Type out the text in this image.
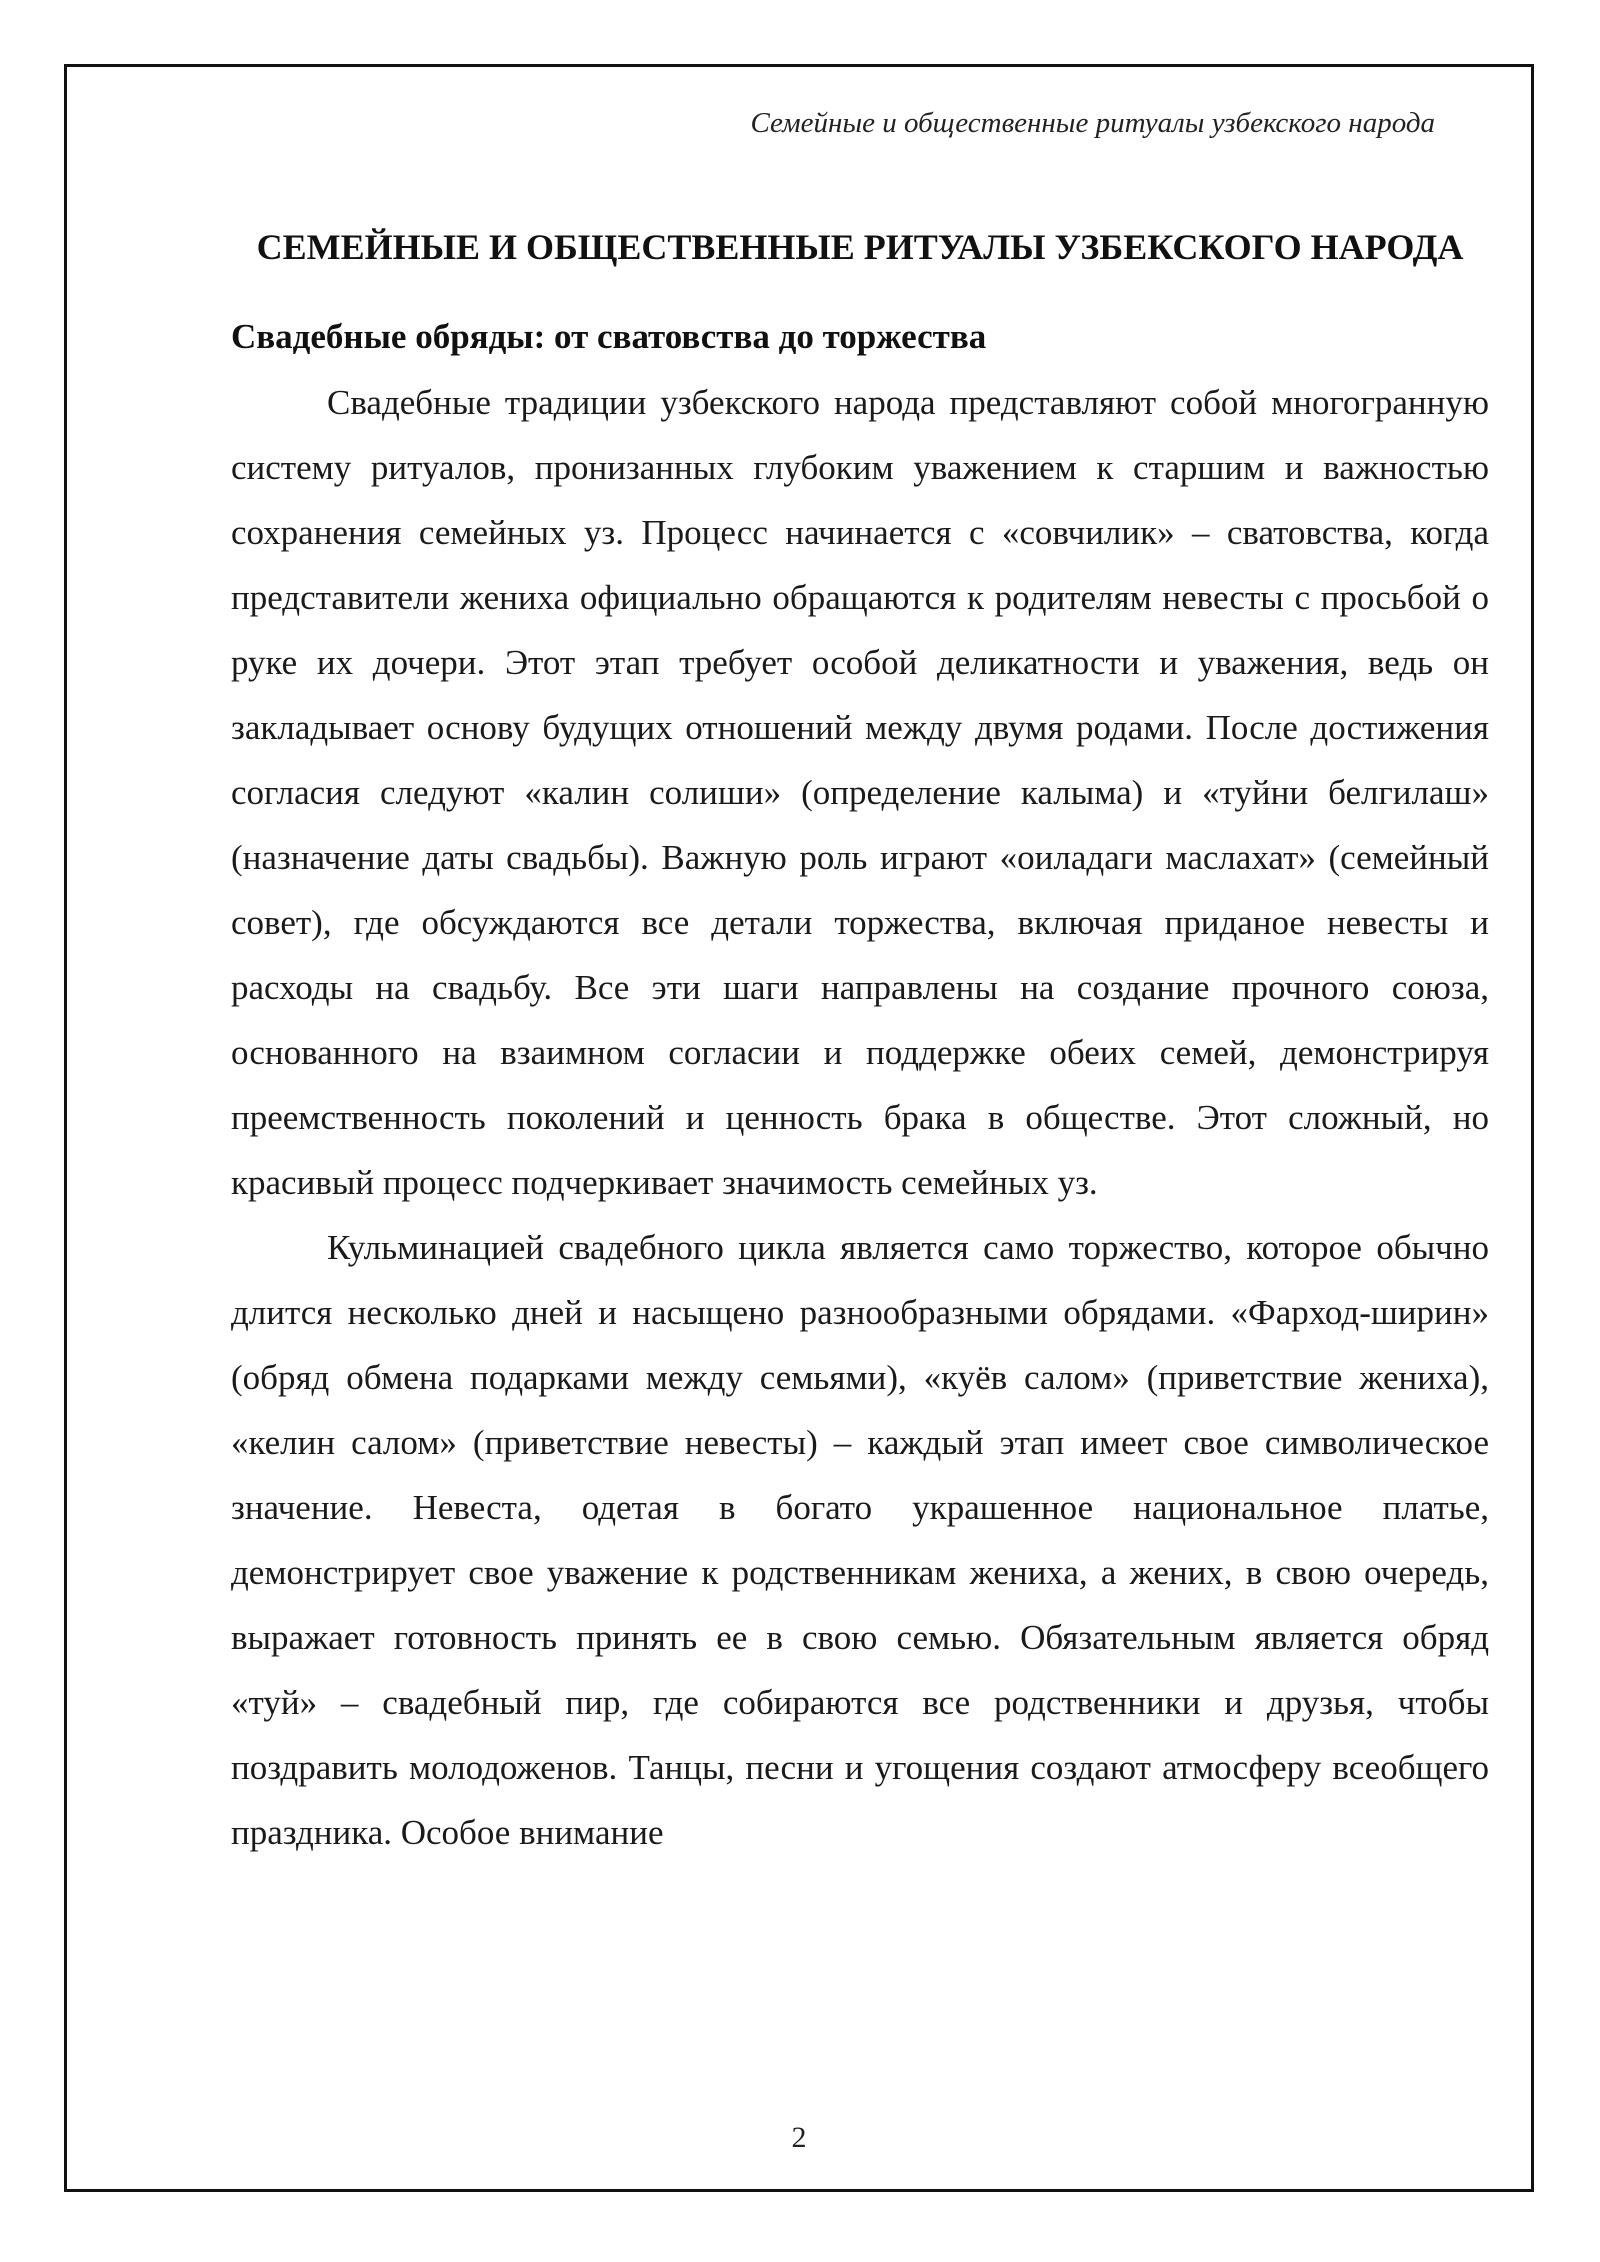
Семейные и общественные ритуалы узбекского народа
СЕМЕЙНЫЕ И ОБЩЕСТВЕННЫЕ РИТУАЛЫ УЗБЕКСКОГО НАРОДА
Свадебные обряды: от сватовства до торжества

Свадебные традиции узбекского народа представляют собой многогранную систему ритуалов, пронизанных глубоким уважением к старшим и важностью сохранения семейных уз. Процесс начинается с «совчилик» – сватовства, когда представители жениха официально обращаются к родителям невесты с просьбой о руке их дочери. Этот этап требует особой деликатности и уважения, ведь он закладывает основу будущих отношений между двумя родами. После достижения согласия следуют «калин солиши» (определение калыма) и «туйни белгилаш» (назначение даты свадьбы). Важную роль играют «оиладаги маслахат» (семейный совет), где обсуждаются все детали торжества, включая приданое невесты и расходы на свадьбу. Все эти шаги направлены на создание прочного союза, основанного на взаимном согласии и поддержке обеих семей, демонстрируя преемственность поколений и ценность брака в обществе. Этот сложный, но красивый процесс подчеркивает значимость семейных уз.

Кульминацией свадебного цикла является само торжество, которое обычно длится несколько дней и насыщено разнообразными обрядами. «Фарход-ширин» (обряд обмена подарками между семьями), «куёв салом» (приветствие жениха), «келин салом» (приветствие невесты) – каждый этап имеет свое символическое значение. Невеста, одетая в богато украшенное национальное платье, демонстрирует свое уважение к родственникам жениха, а жених, в свою очередь, выражает готовность принять ее в свою семью. Обязательным является обряд «туй» – свадебный пир, где собираются все родственники и друзья, чтобы поздравить молодоженов. Танцы, песни и угощения создают атмосферу всеобщего праздника. Особое внимание

2
